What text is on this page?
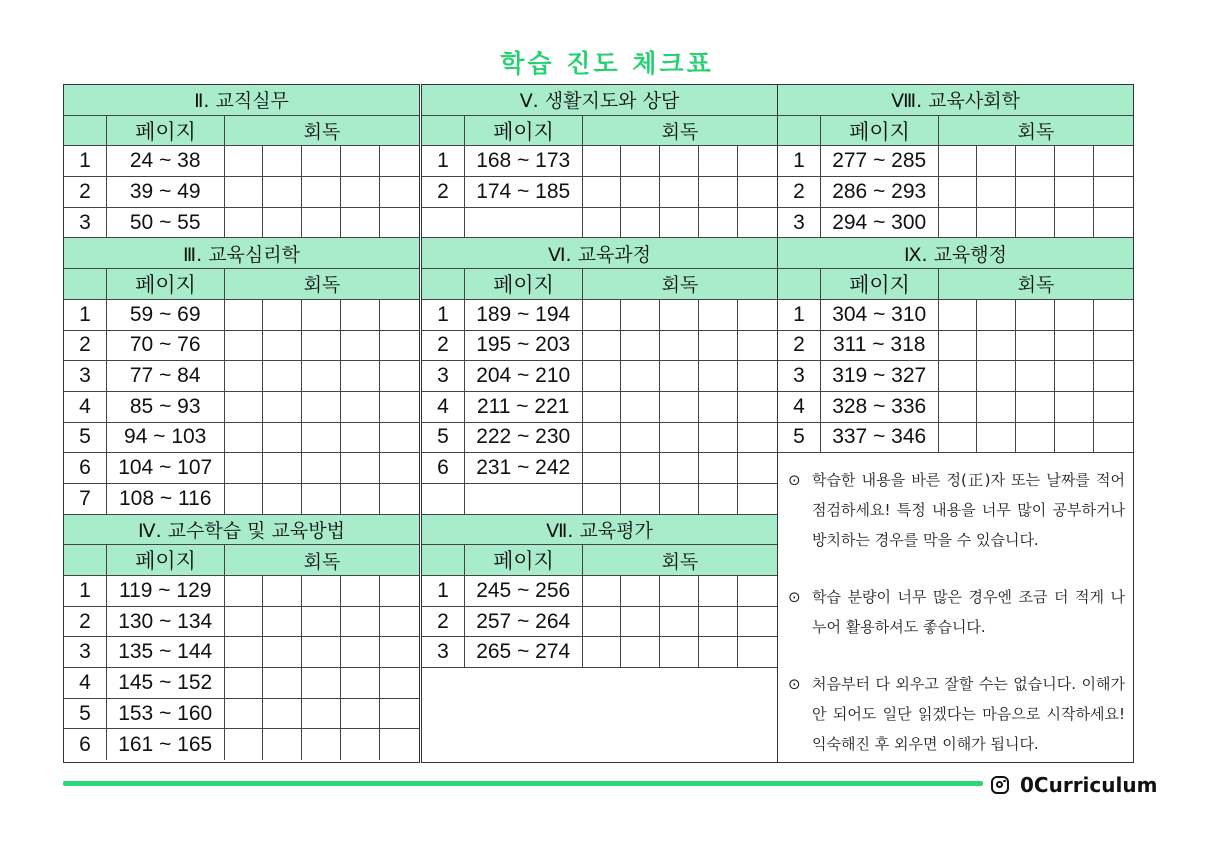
학습 진도 체크표
Ⅱ. 교직실무
페이지	회독
1	24 ~ 38
2	39 ~ 49
3	50 ~ 55
Ⅲ. 교육심리학
페이지	회독
1	59 ~ 69
2	70 ~ 76
3	77 ~ 84
4	85 ~ 93
5	94 ~ 103
6	104 ~ 107
7	108 ~ 116
Ⅳ. 교수학습 및 교육방법
페이지	회독
1	119 ~ 129
2	130 ~ 134
3	135 ~ 144
4	145 ~ 152
5	153 ~ 160
6	161 ~ 165
Ⅴ. 생활지도와 상담
페이지	회독
1	168 ~ 173
2	174 ~ 185
Ⅵ. 교육과정
페이지	회독
1	189 ~ 194
2	195 ~ 203
3	204 ~ 210
4	211 ~ 221
5	222 ~ 230
6	231 ~ 242
Ⅶ. 교육평가
페이지	회독
1	245 ~ 256
2	257 ~ 264
3	265 ~ 274
Ⅷ. 교육사회학
페이지	회독
1	277 ~ 285
2	286 ~ 293
3	294 ~ 300
Ⅸ. 교육행정
페이지	회독
1	304 ~ 310
2	311 ~ 318
3	319 ~ 327
4	328 ~ 336
5	337 ~ 346
⊙ 학습한 내용을 바른 정(正)자 또는 날짜를 적어 점검하세요! 특정 내용을 너무 많이 공부하거나 방치하는 경우를 막을 수 있습니다.
⊙ 학습 분량이 너무 많은 경우엔 조금 더 적게 나누어 활용하셔도 좋습니다.
⊙ 처음부터 다 외우고 잘할 수는 없습니다. 이해가 안 되어도 일단 읽겠다는 마음으로 시작하세요! 익숙해진 후 외우면 이해가 됩니다.
0Curriculum
